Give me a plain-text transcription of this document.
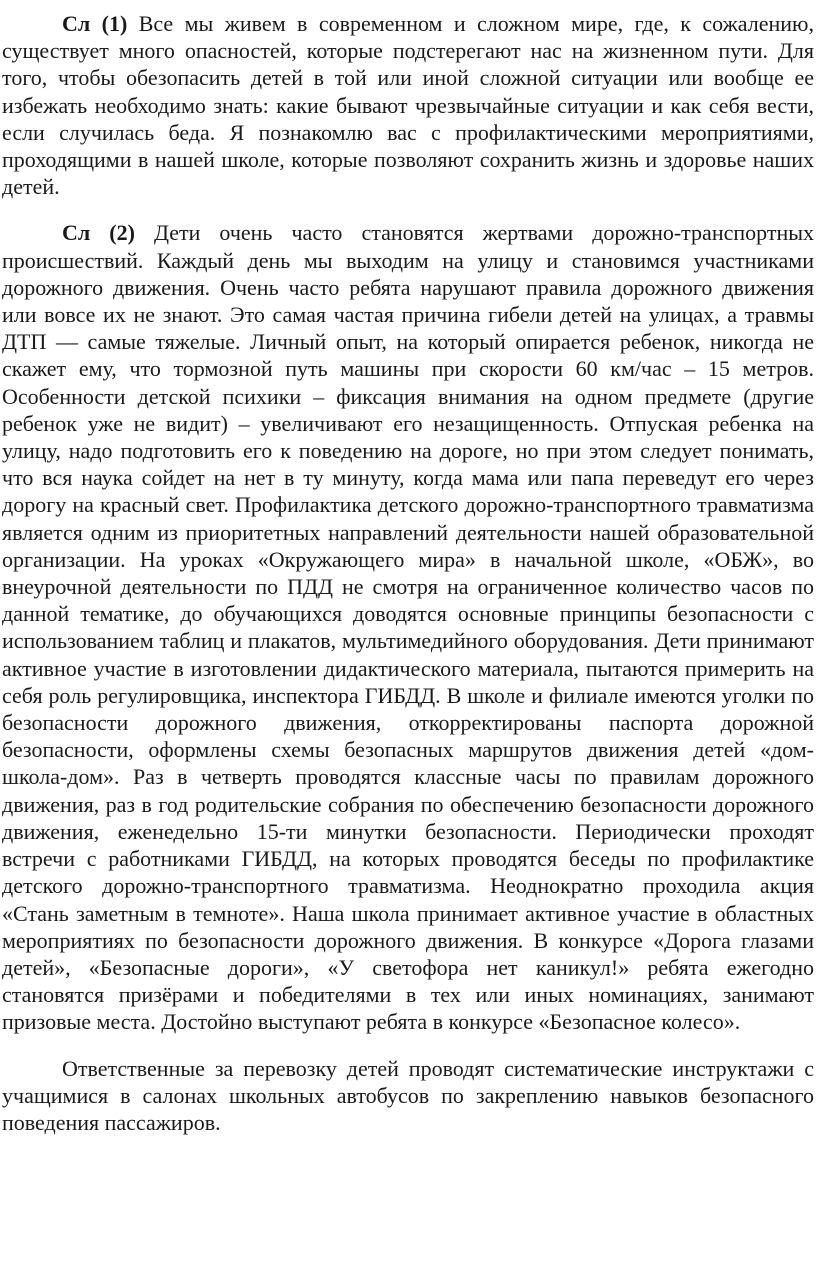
Сл (1) Все мы живем в современном и сложном мире, где, к сожалению, существует много опасностей, которые подстерегают нас на жизненном пути. Для того, чтобы обезопасить детей в той или иной сложной ситуации или вообще ее избежать необходимо знать: какие бывают чрезвычайные ситуации и как себя вести, если случилась беда. Я познакомлю вас с профилактическими мероприятиями, проходящими в нашей школе, которые позволяют сохранить жизнь и здоровье наших детей.

Сл (2) Дети очень часто становятся жертвами дорожно-транспортных происшествий. Каждый день мы выходим на улицу и становимся участниками дорожного движения. Очень часто ребята нарушают правила дорожного движения или вовсе их не знают. Это самая частая причина гибели детей на улицах, а травмы ДТП — самые тяжелые. Личный опыт, на который опирается ребенок, никогда не скажет ему, что тормозной путь машины при скорости 60 км/час – 15 метров. Особенности детской психики – фиксация внимания на одном предмете (другие ребенок уже не видит) – увеличивают его незащищенность. Отпуская ребенка на улицу, надо подготовить его к поведению на дороге, но при этом следует понимать, что вся наука сойдет на нет в ту минуту, когда мама или папа переведут его через дорогу на красный свет. Профилактика детского дорожно-транспортного травматизма является одним из приоритетных направлений деятельности нашей образовательной организации. На уроках «Окружающего мира» в начальной школе, «ОБЖ», во внеурочной деятельности по ПДД не смотря на ограниченное количество часов по данной тематике, до обучающихся доводятся основные принципы безопасности с использованием таблиц и плакатов, мультимедийного оборудования. Дети принимают активное участие в изготовлении дидактического материала, пытаются примерить на себя роль регулировщика, инспектора ГИБДД. В школе и филиале имеются уголки по безопасности дорожного движения, откорректированы паспорта дорожной безопасности, оформлены схемы безопасных маршрутов движения детей «дом-школа-дом». Раз в четверть проводятся классные часы по правилам дорожного движения, раз в год родительские собрания по обеспечению безопасности дорожного движения, еженедельно 15-ти минутки безопасности. Периодически проходят встречи с работниками ГИБДД, на которых проводятся беседы по профилактике детского дорожно-транспортного травматизма. Неоднократно проходила акция «Стань заметным в темноте». Наша школа принимает активное участие в областных мероприятиях по безопасности дорожного движения. В конкурсе «Дорога глазами детей», «Безопасные дороги», «У светофора нет каникул!» ребята ежегодно становятся призёрами и победителями в тех или иных номинациях, занимают призовые места. Достойно выступают ребята в конкурсе «Безопасное колесо».

Ответственные за перевозку детей проводят систематические инструктажи с учащимися в салонах школьных автобусов по закреплению навыков безопасного поведения пассажиров.
